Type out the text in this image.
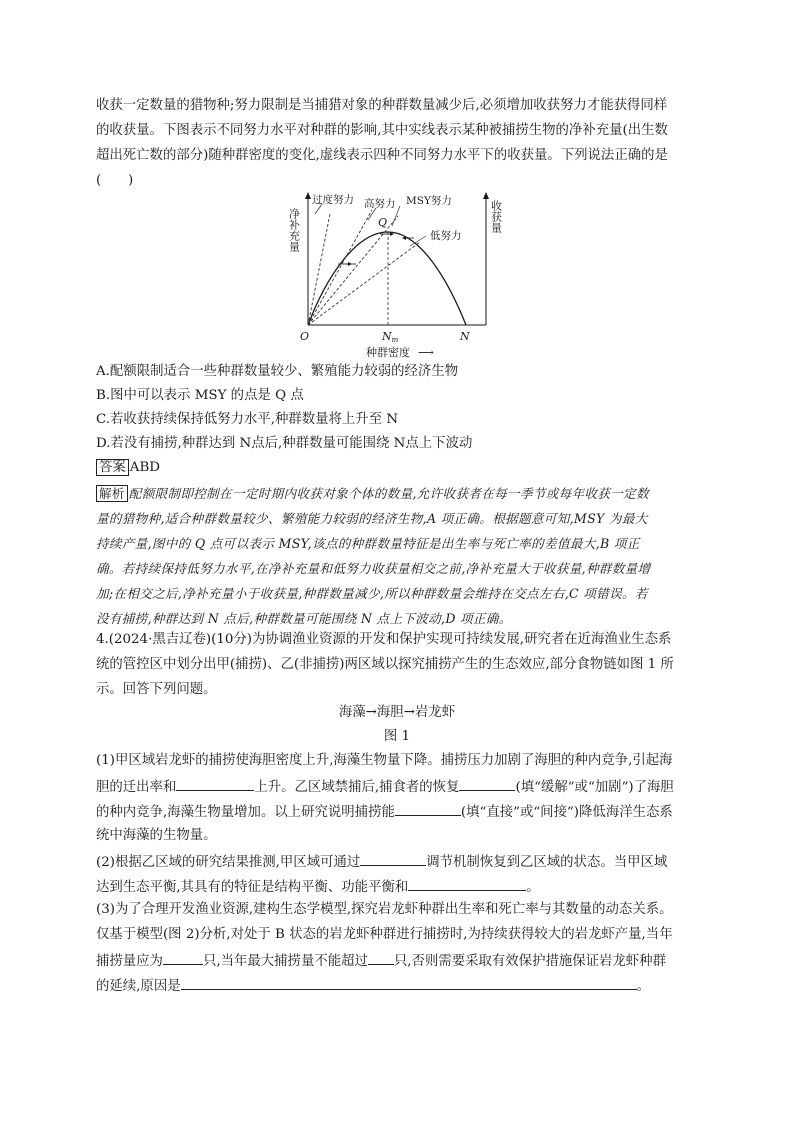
收获一定数量的猎物种;努力限制是当捕猎对象的种群数量减少后,必须增加收获努力才能获得同样
的收获量。下图表示不同努力水平对种群的影响,其中实线表示某种被捕捞生物的净补充量(出生数
超出死亡数的部分)随种群密度的变化,虚线表示四种不同努力水平下的收获量。下列说法正确的是
(　　)
净补充量	收获量
过度努力 高努力 MSY努力
低努力
Q
O	Nm	N
种群密度 ⟶
A.配额限制适合一些种群数量较少、繁殖能力较弱的经济生物
B.图中可以表示 MSY 的点是 Q 点
C.若收获持续保持低努力水平,种群数量将上升至 N
D.若没有捕捞,种群达到 N点后,种群数量可能围绕 N点上下波动
答案 ABD
解析 配额限制即控制在一定时期内收获对象个体的数量,允许收获者在每一季节或每年收获一定数
量的猎物种,适合种群数量较少、繁殖能力较弱的经济生物,A 项正确。根据题意可知,MSY 为最大
持续产量,图中的 Q 点可以表示 MSY,该点的种群数量特征是出生率与死亡率的差值最大,B 项正
确。若持续保持低努力水平,在净补充量和低努力收获量相交之前,净补充量大于收获量,种群数量增
加;在相交之后,净补充量小于收获量,种群数量减少,所以种群数量会维持在交点左右,C 项错误。若
没有捕捞,种群达到 N 点后,种群数量可能围绕 N 点上下波动,D 项正确。
4.(2024·黑吉辽卷)(10分)为协调渔业资源的开发和保护实现可持续发展,研究者在近海渔业生态系
统的管控区中划分出甲(捕捞)、乙(非捕捞)两区域以探究捕捞产生的生态效应,部分食物链如图 1 所
示。回答下列问题。
海藻→海胆→岩龙虾
图 1
(1)甲区域岩龙虾的捕捞使海胆密度上升,海藻生物量下降。捕捞压力加剧了海胆的种内竞争,引起海
胆的迁出率和	上升。乙区域禁捕后,捕食者的恢复	(填“缓解”或“加剧”)了海胆
的种内竞争,海藻生物量增加。以上研究说明捕捞能	(填“直接”或“间接”)降低海洋生态系
统中海藻的生物量。
(2)根据乙区域的研究结果推测,甲区域可通过	调节机制恢复到乙区域的状态。当甲区域
达到生态平衡,其具有的特征是结构平衡、功能平衡和	。
(3)为了合理开发渔业资源,建构生态学模型,探究岩龙虾种群出生率和死亡率与其数量的动态关系。
仅基于模型(图 2)分析,对处于 B 状态的岩龙虾种群进行捕捞时,为持续获得较大的岩龙虾产量,当年
捕捞量应为	只,当年最大捕捞量不能超过 只,否则需要采取有效保护措施保证岩龙虾种群
的延续,原因是	。
